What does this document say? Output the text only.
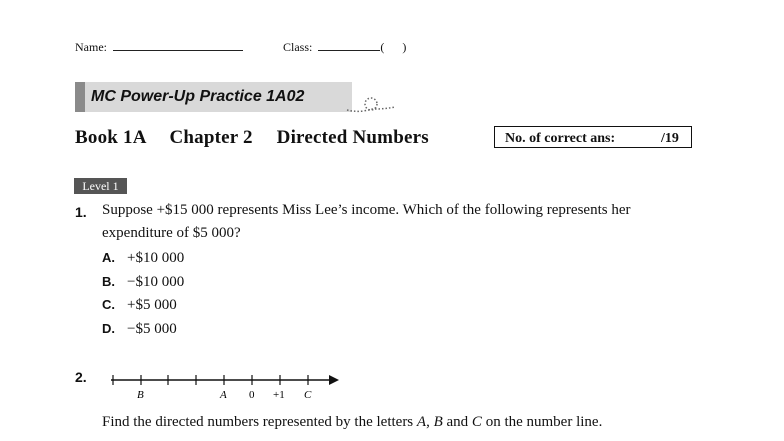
Name:	Class:	( )
MC Power-Up Practice 1A02
Book 1A Chapter 2 Directed Numbers	No. of correct ans:	/19
Level 1
1. Suppose +$15 000 represents Miss Lee’s income. Which of the following represents her
expenditure of $5 000?
A. +$10 000
B. −$10 000
C. +$5 000
D. −$5 000
2.
B	A 0 +1 C
Find the directed numbers represented by the letters A, B and C on the number line.
